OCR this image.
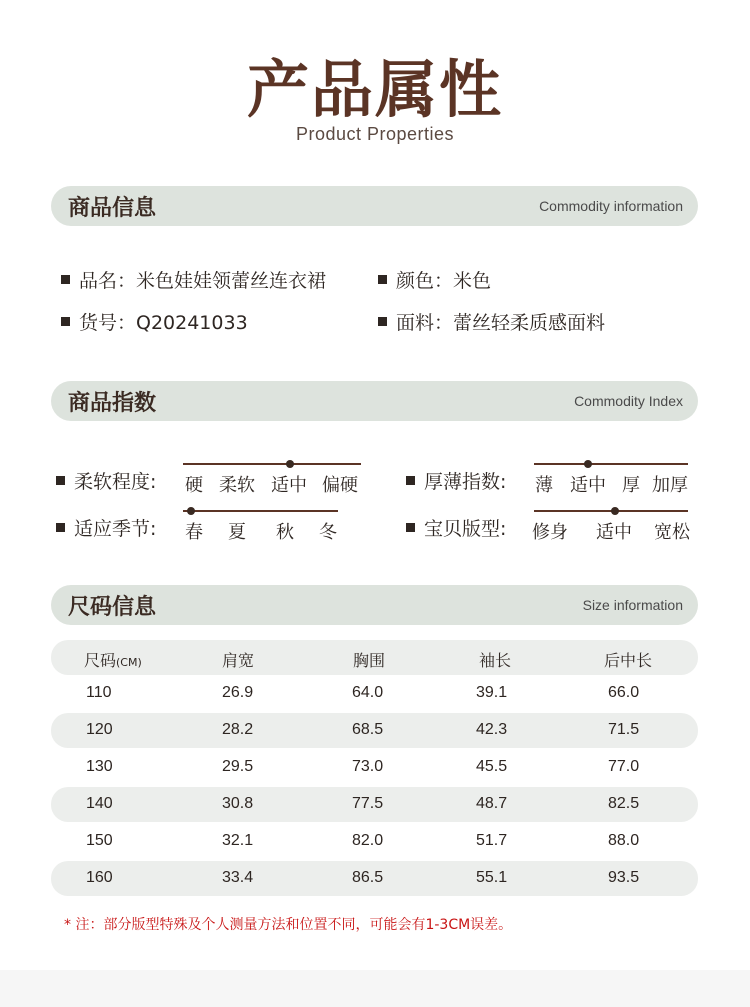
产品属性
Product Properties
商品信息	Commodity information
品名：米色娃娃领蕾丝连衣裙	颜色：米色
货号：Q20241033	面料：蕾丝轻柔质感面料
商品指数	Commodity Index
柔软程度: 硬 柔软 适中 偏硬	厚薄指数: 薄 适中 厚 加厚
适应季节: 春 夏 秋 冬	宝贝版型: 修身 适中 宽松
尺码信息	Size information
尺码(CM)	肩宽	胸围	袖长	后中长
110	26.9	64.0	39.1	66.0
120	28.2	68.5	42.3	71.5
130	29.5	73.0	45.5	77.0
140	30.8	77.5	48.7	82.5
150	32.1	82.0	51.7	88.0
160	33.4	86.5	55.1	93.5
* 注：部分版型特殊及个人测量方法和位置不同，可能会有1-3CM误差。
